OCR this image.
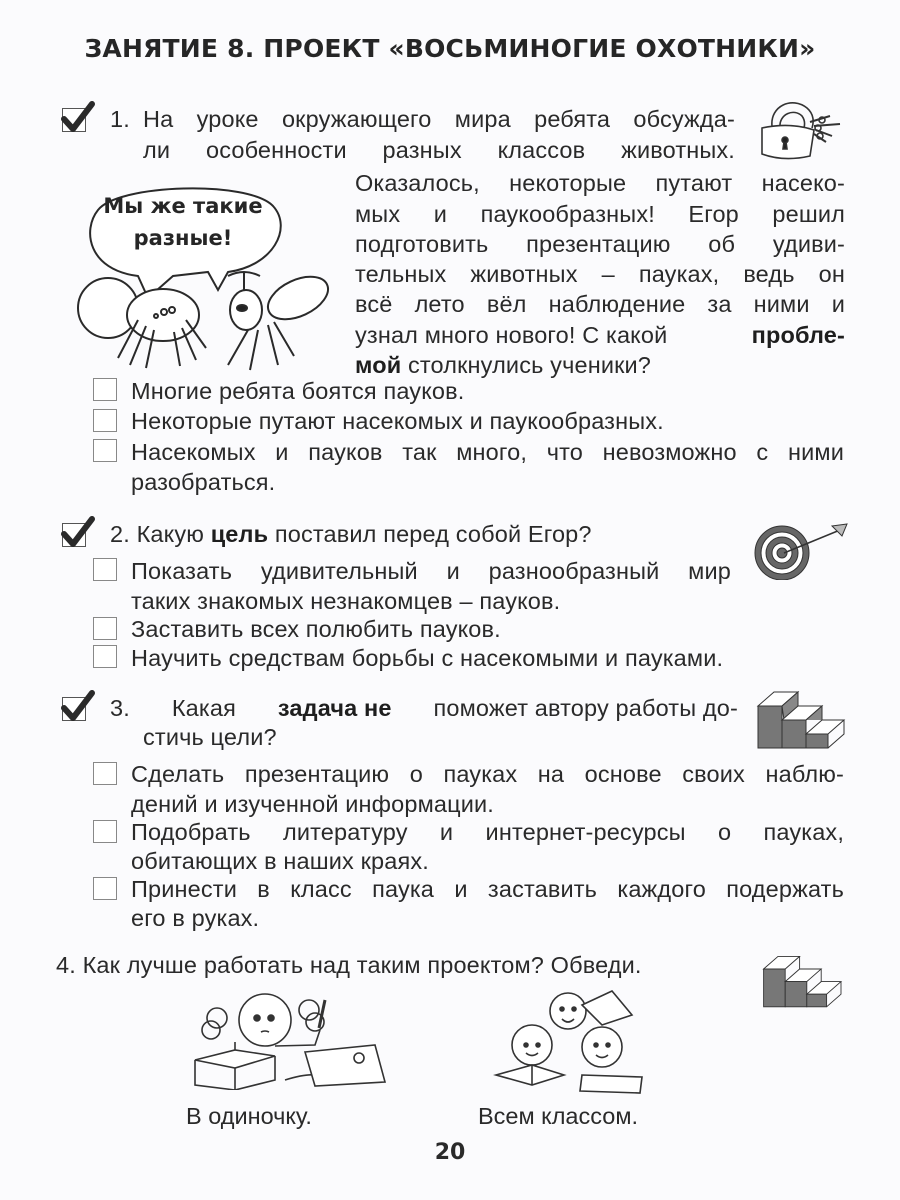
ЗАНЯТИЕ 8. ПРОЕКТ «ВОСЬМИНОГИЕ ОХОТНИКИ»
1. На уроке окружающего мира ребята обсужда-
ли особенности разных классов животных.
Оказалось, некоторые путают насеко-
мых и паукообразных! Егор решил
подготовить презентацию об удиви-
тельных животных – пауках, ведь он
всё лето вёл наблюдение за ними и
узнал много нового! С какой	пробле-
мой столкнулись ученики?
Мы же такие
разные!
Многие ребята боятся пауков.
Некоторые путают насекомых и паукообразных.
Насекомых и пауков так много, что невозможно с ними
разобраться.
2. Какую цель поставил перед собой Егор?
Показать удивительный и разнообразный мир
таких знакомых незнакомцев – пауков.
Заставить всех полюбить пауков.
Научить средствам борьбы с насекомыми и пауками.
3. Какая задача не поможет автору работы до-
стичь цели?
Сделать презентацию о пауках на основе своих наблю-
дений и изученной информации.
Подобрать литературу и интернет-ресурсы о пауках,
обитающих в наших краях.
Принести в класс паука и заставить каждого подержать
его в руках.
4. Как лучше работать над таким проектом? Обведи.
В одиночку.	Всем классом.
20
